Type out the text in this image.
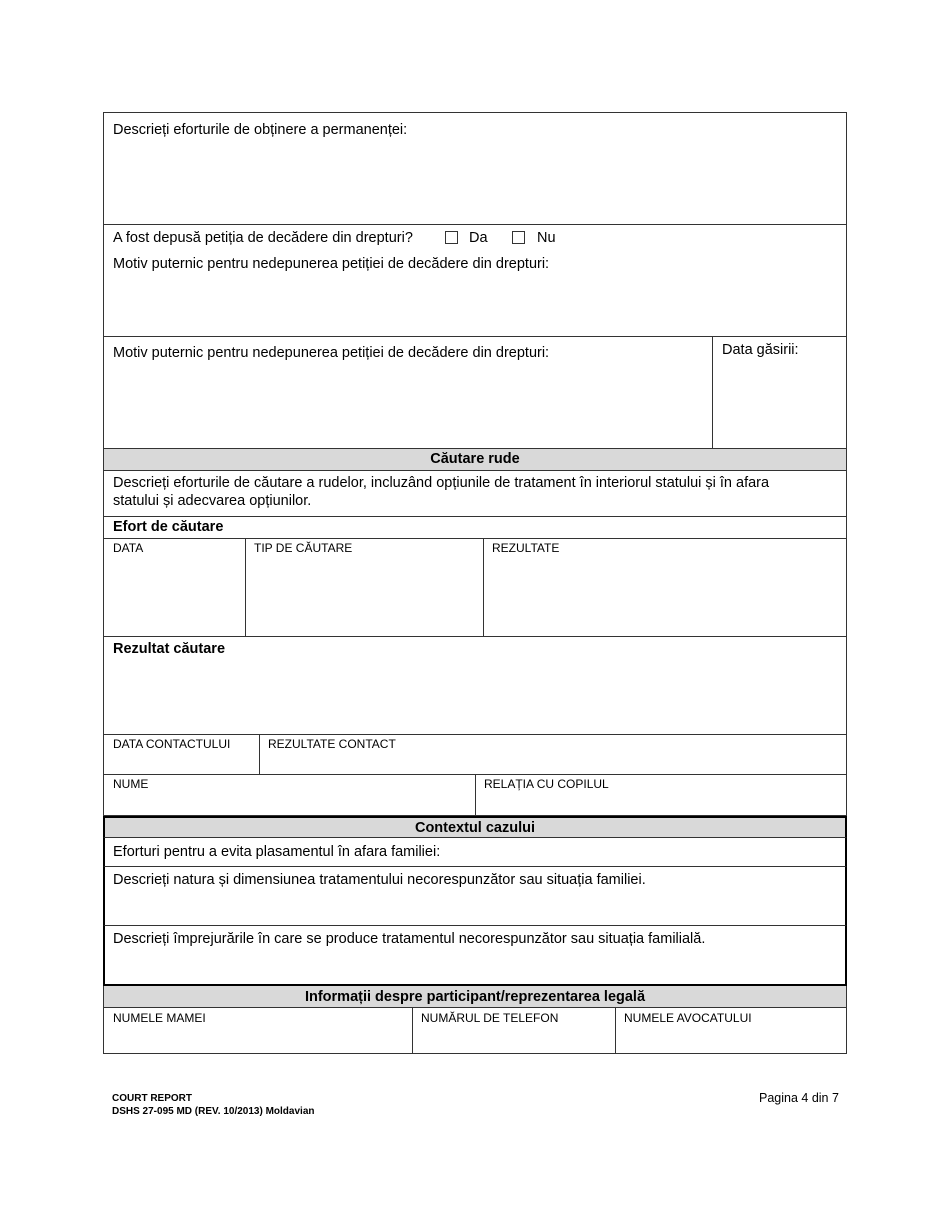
Descrieți eforturile de obținere a permanenței:
A fost depusă petiția de decădere din drepturi?	Da	Nu
Motiv puternic pentru nedepunerea petiției de decădere din drepturi:
Motiv puternic pentru nedepunerea petiției de decădere din drepturi:	Data găsirii:
Căutare rude
Descrieți eforturile de căutare a rudelor, incluzând opțiunile de tratament în interiorul statului și în afara
statului și adecvarea opțiunilor.
Efort de căutare
DATA	TIP DE CĂUTARE	REZULTATE
Rezultat căutare
DATA CONTACTULUI	REZULTATE CONTACT
NUME	RELAȚIA CU COPILUL
Contextul cazului
Eforturi pentru a evita plasamentul în afara familiei:
Descrieți natura și dimensiunea tratamentului necorespunzător sau situația familiei.
Descrieți împrejurările în care se produce tratamentul necorespunzător sau situația familială.
Informații despre participant/reprezentarea legală
NUMELE MAMEI	NUMĂRUL DE TELEFON	NUMELE AVOCATULUI
COURT REPORT
DSHS 27-095 MD (REV. 10/2013) Moldavian
Pagina 4 din 7
